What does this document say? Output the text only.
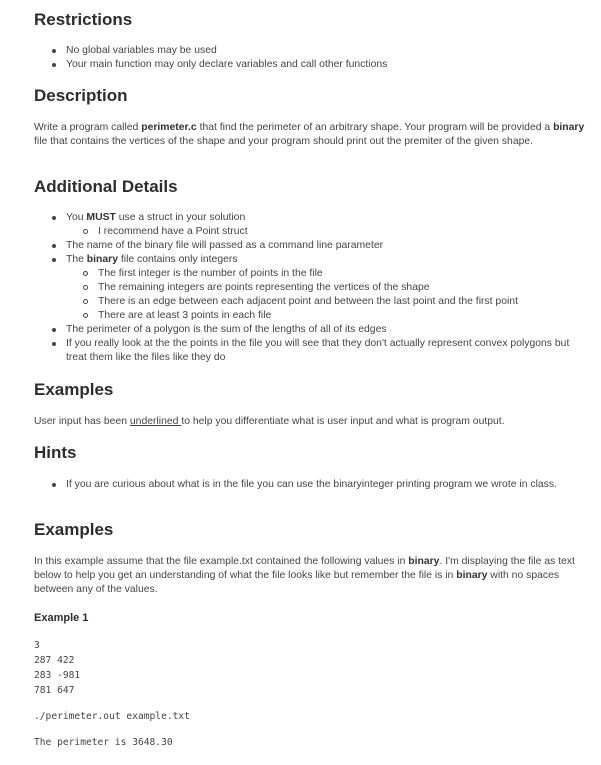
Restrictions
No global variables may be used
Your main function may only declare variables and call other functions
Description

Write a program called perimeter.c that find the perimeter of an arbitrary shape. Your program will be provided a binary file that contains the vertices of the shape and your program should print out the premiter of the given shape.

Additional Details
You MUST use a struct in your solution
I recommend have a Point struct
The name of the binary file will passed as a command line parameter
The binary file contains only integers
The first integer is the number of points in the file
The remaining integers are points representing the vertices of the shape
There is an edge between each adjacent point and between the last point and the first point
There are at least 3 points in each file
The perimeter of a polygon is the sum of the lengths of all of its edges
If you really look at the the points in the file you will see that they don't actually represent convex polygons but treat them like the files like they do
Examples

User input has been underlined to help you differentiate what is user input and what is program output.

Hints
If you are curious about what is in the file you can use the binaryinteger printing program we wrote in class.
Examples

In this example assume that the file example.txt contained the following values in binary. I'm displaying the file as text below to help you get an understanding of what the file looks like but remember the file is in binary with no spaces between any of the values.

Example 1
3
287 422
283 -981
781 647
./perimeter.out example.txt
The perimeter is 3648.30
